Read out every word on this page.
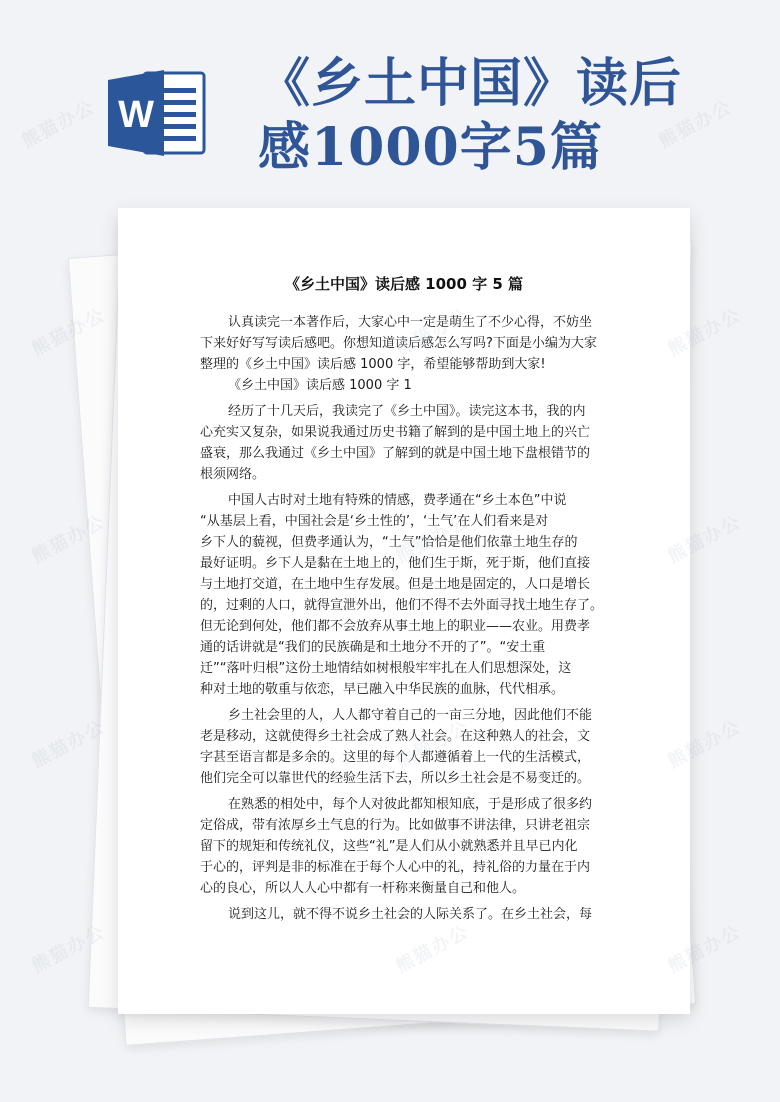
W
《乡土中国》读后
感1000字5篇
《乡土中国》读后感 1000 字 5 篇
认真读完一本著作后，大家心中一定是萌生了不少心得，不妨坐
下来好好写写读后感吧。你想知道读后感怎么写吗?下面是小编为大家
整理的《乡土中国》读后感 1000 字，希望能够帮助到大家!
《乡土中国》读后感 1000 字 1
经历了十几天后，我读完了《乡土中国》。读完这本书，我的内
心充实又复杂，如果说我通过历史书籍了解到的是中国土地上的兴亡
盛衰，那么我通过《乡土中国》了解到的就是中国土地下盘根错节的
根须网络。
中国人古时对土地有特殊的情感，费孝通在“乡土本色”中说
“从基层上看，中国社会是‘乡土性的’，‘土气’在人们看来是对
乡下人的藐视，但费孝通认为，“土气”恰恰是他们依靠土地生存的
最好证明。乡下人是黏在土地上的，他们生于斯，死于斯，他们直接
与土地打交道，在土地中生存发展。但是土地是固定的，人口是增长
的，过剩的人口，就得宣泄外出，他们不得不去外面寻找土地生存了。
但无论到何处，他们都不会放弃从事土地上的职业——农业。用费孝
通的话讲就是“我们的民族确是和土地分不开的了”。“安土重
迁”“落叶归根”这份土地情结如树根般牢牢扎在人们思想深处，这
种对土地的敬重与依恋，早已融入中华民族的血脉，代代相承。
乡土社会里的人，人人都守着自己的一亩三分地，因此他们不能
老是移动，这就使得乡土社会成了熟人社会。在这种熟人的社会，文
字甚至语言都是多余的。这里的每个人都遵循着上一代的生活模式，
他们完全可以靠世代的经验生活下去，所以乡土社会是不易变迁的。
在熟悉的相处中，每个人对彼此都知根知底，于是形成了很多约
定俗成，带有浓厚乡土气息的行为。比如做事不讲法律，只讲老祖宗
留下的规矩和传统礼仪，这些“礼”是人们从小就熟悉并且早已内化
于心的，评判是非的标准在于每个人心中的礼，持礼俗的力量在于内
心的良心，所以人人心中都有一杆称来衡量自己和他人。
说到这儿，就不得不说乡土社会的人际关系了。在乡土社会，每
熊猫办公	熊猫办公
熊猫办公	熊猫办公
熊猫办公	熊猫办公
熊猫办公	熊猫办公
熊猫办公	熊猫办公
